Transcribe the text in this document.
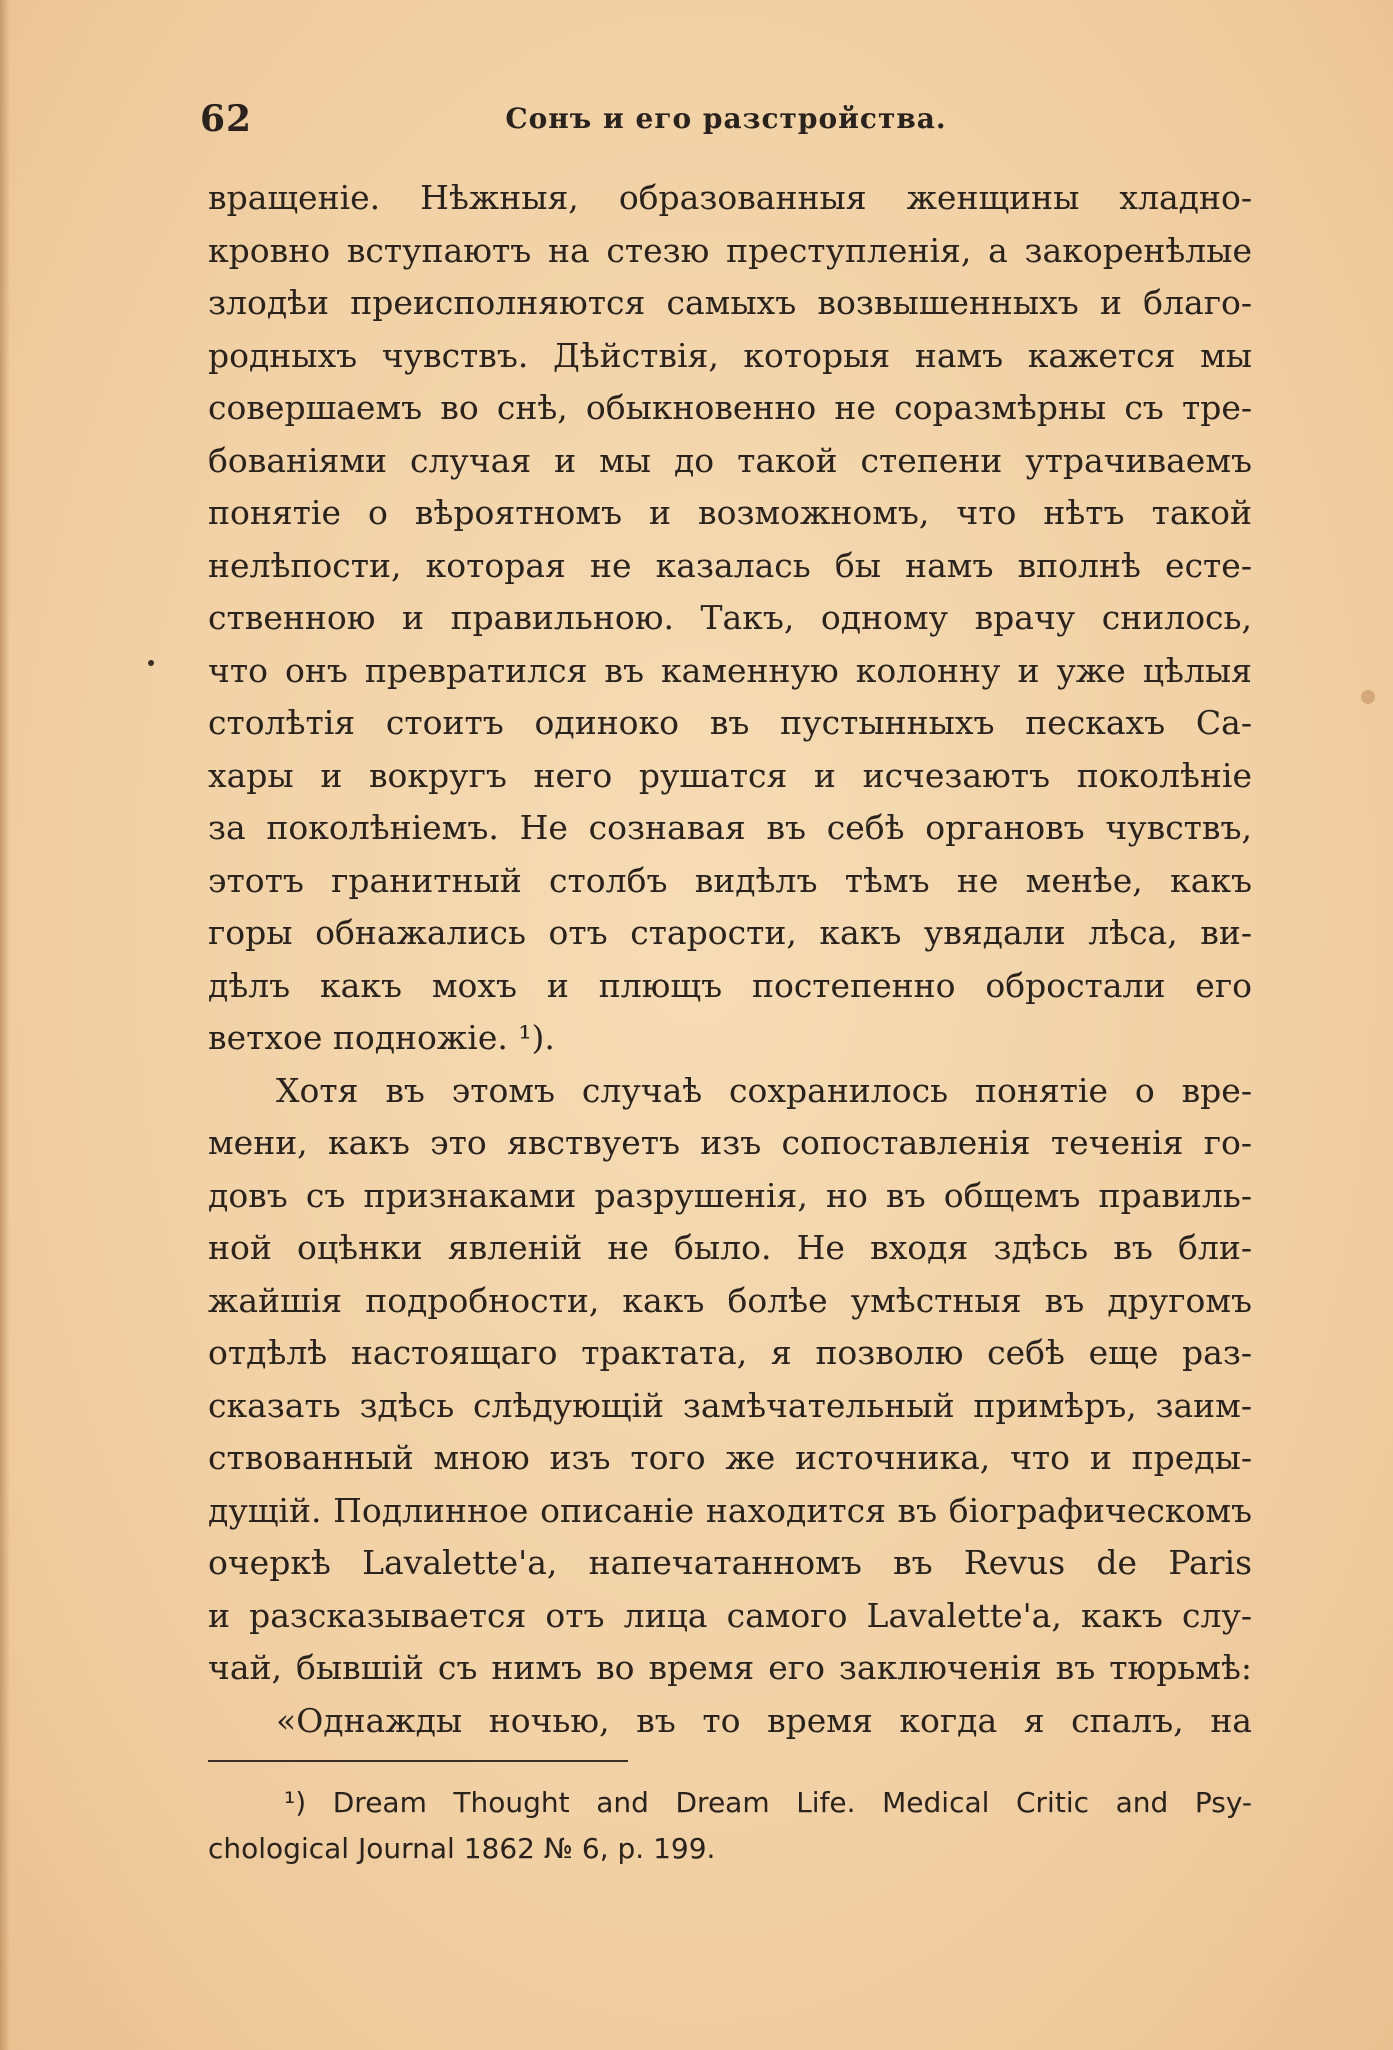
62	Сонъ и его разстройства.
вращеніе. Нѣжныя, образованныя женщины хладно-
кровно вступаютъ на стезю преступленія, а закоренѣлые
злодѣи преисполняются самыхъ возвышенныхъ и благо-
родныхъ чувствъ. Дѣйствія, которыя намъ кажется мы
совершаемъ во снѣ, обыкновенно не соразмѣрны съ тре-
бованіями случая и мы до такой степени утрачиваемъ
понятіе о вѣроятномъ и возможномъ, что нѣтъ такой
нелѣпости, которая не казалась бы намъ вполнѣ есте-
ственною и правильною. Такъ, одному врачу снилось,
что онъ превратился въ каменную колонну и уже цѣлыя
столѣтія стоитъ одиноко въ пустынныхъ пескахъ Са-
хары и вокругъ него рушатся и исчезаютъ поколѣніе
за поколѣніемъ. Не сознавая въ себѣ органовъ чувствъ,
этотъ гранитный столбъ видѣлъ тѣмъ не менѣе, какъ
горы обнажались отъ старости, какъ увядали лѣса, ви-
дѣлъ какъ мохъ и плющъ постепенно обростали его
ветхое подножіе. ¹).
Хотя въ этомъ случаѣ сохранилось понятіе о вре-
мени, какъ это явствуетъ изъ сопоставленія теченія го-
довъ съ признаками разрушенія, но въ общемъ правиль-
ной оцѣнки явленій не было. Не входя здѣсь въ бли-
жайшія подробности, какъ болѣе умѣстныя въ другомъ
отдѣлѣ настоящаго трактата, я позволю себѣ еще раз-
сказать здѣсь слѣдующій замѣчательный примѣръ, заим-
ствованный мною изъ того же источника, что и преды-
дущій. Подлинное описаніе находится въ біографическомъ
очеркѣ Lavalette'а, напечатанномъ въ Revus de Paris
и разсказывается отъ лица самого Lavalette'а, какъ слу-
чай, бывшій съ нимъ во время его заключенія въ тюрьмѣ:
«Однажды ночью, въ то время когда я спалъ, на
¹) Dream Thought and Dream Life. Medical Critic and Psy-
chological Journal 1862 № 6, p. 199.
